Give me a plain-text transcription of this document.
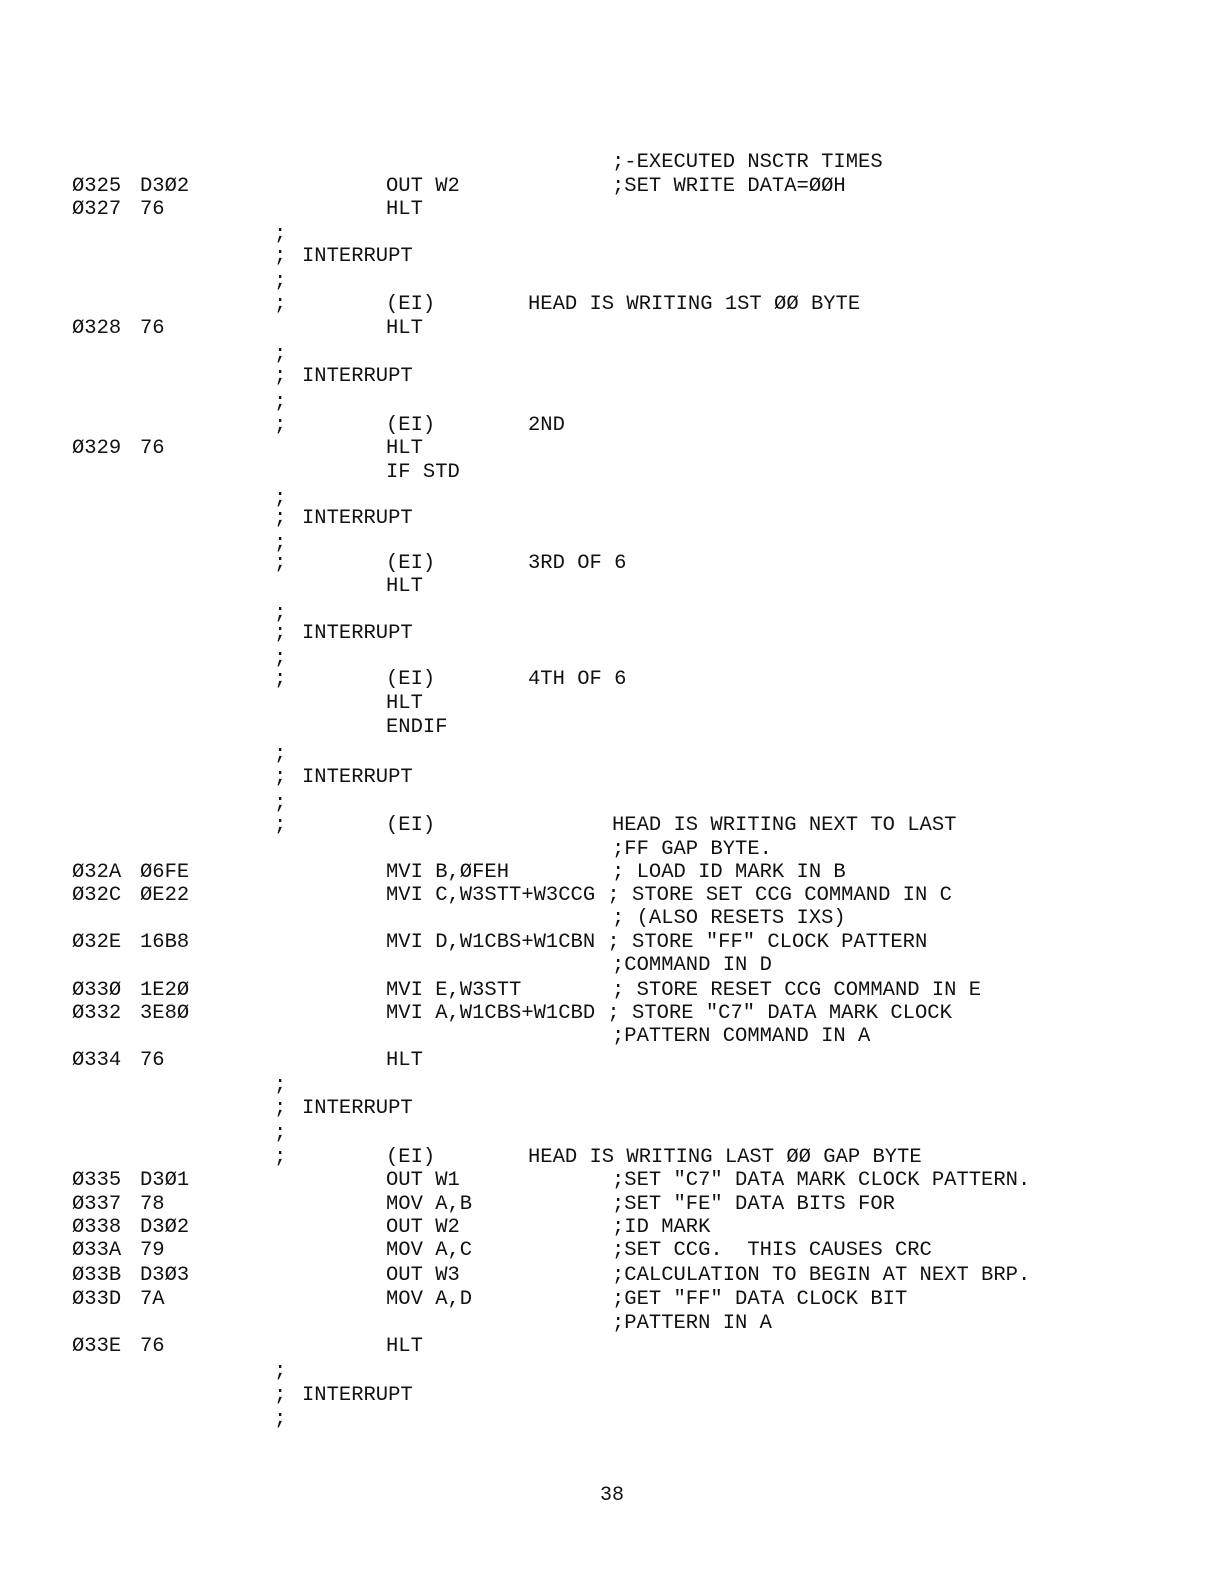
;-EXECUTED NSCTR TIMES
Ø325 D3Ø2	OUT W2	;SET WRITE DATA=ØØH
Ø327 76	HLT
;
; INTERRUPT
;
;	(EI)	HEAD IS WRITING 1ST ØØ BYTE
Ø328 76	HLT
;
; INTERRUPT
;
;	(EI)	2ND
Ø329 76	HLT
IF STD
;
; INTERRUPT
;
;	(EI)	3RD OF 6
HLT
;
; INTERRUPT
;
;	(EI)	4TH OF 6
HLT
ENDIF
;
; INTERRUPT
;
;	(EI)	HEAD IS WRITING NEXT TO LAST
;FF GAP BYTE.
Ø32A Ø6FE	MVI B,ØFEH	; LOAD ID MARK IN B
Ø32C ØE22	MVI C,W3STT+W3CCG ; STORE SET CCG COMMAND IN C
; (ALSO RESETS IXS)
Ø32E 16B8	MVI D,W1CBS+W1CBN ; STORE "FF" CLOCK PATTERN
;COMMAND IN D
Ø33Ø 1E2Ø	MVI E,W3STT	; STORE RESET CCG COMMAND IN E
Ø332 3E8Ø	MVI A,W1CBS+W1CBD ; STORE "C7" DATA MARK CLOCK
;PATTERN COMMAND IN A
Ø334 76	HLT
;
; INTERRUPT
;
;	(EI)	HEAD IS WRITING LAST ØØ GAP BYTE
Ø335 D3Ø1	OUT W1	;SET "C7" DATA MARK CLOCK PATTERN.
Ø337 78	MOV A,B	;SET "FE" DATA BITS FOR
Ø338 D3Ø2	OUT W2	;ID MARK
Ø33A 79	MOV A,C	;SET CCG.  THIS CAUSES CRC
Ø33B D3Ø3	OUT W3	;CALCULATION TO BEGIN AT NEXT BRP.
Ø33D 7A	MOV A,D	;GET "FF" DATA CLOCK BIT
;PATTERN IN A
Ø33E 76	HLT
;
; INTERRUPT
;
38
